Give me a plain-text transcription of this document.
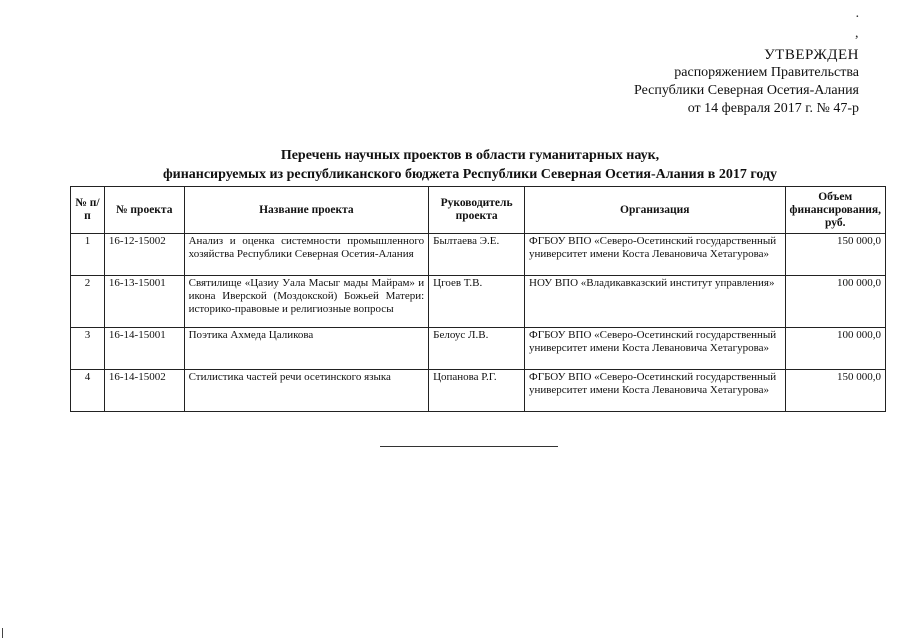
· ,
УТВЕРЖДЕН
распоряжением Правительства
Республики Северная Осетия-Алания
от 14 февраля 2017 г. № 47-р
Перечень научных проектов в области гуманитарных наук,
финансируемых из республиканского бюджета Республики Северная Осетия-Алания в 2017 году
№ п/п	№ проекта	Название проекта	Руководитель проекта	Организация	Объем финансирования, руб.
1	16-12-15002	Анализ и оценка системности промышленного хозяйства Республики Северная Осетия-Алания	Былтаева Э.Е.	ФГБОУ ВПО «Северо-Осетинский государственный университет имени Коста Левановича Хетагурова»	150 000,0
2	16-13-15001	Святилище «Цазиу Уала Масыг мады Майрам» и икона Иверской (Моздокской) Божьей Матери: историко-правовые и религиозные вопросы	Цгоев Т.В.	НОУ ВПО «Владикавказский институт управления»	100 000,0
3	16-14-15001	Поэтика Ахмеда Цаликова	Белоус Л.В.	ФГБОУ ВПО «Северо-Осетинский государственный университет имени Коста Левановича Хетагурова»	100 000,0
4	16-14-15002	Стилистика частей речи осетинского языка	Цопанова Р.Г.	ФГБОУ ВПО «Северо-Осетинский государственный университет имени Коста Левановича Хетагурова»	150 000,0
